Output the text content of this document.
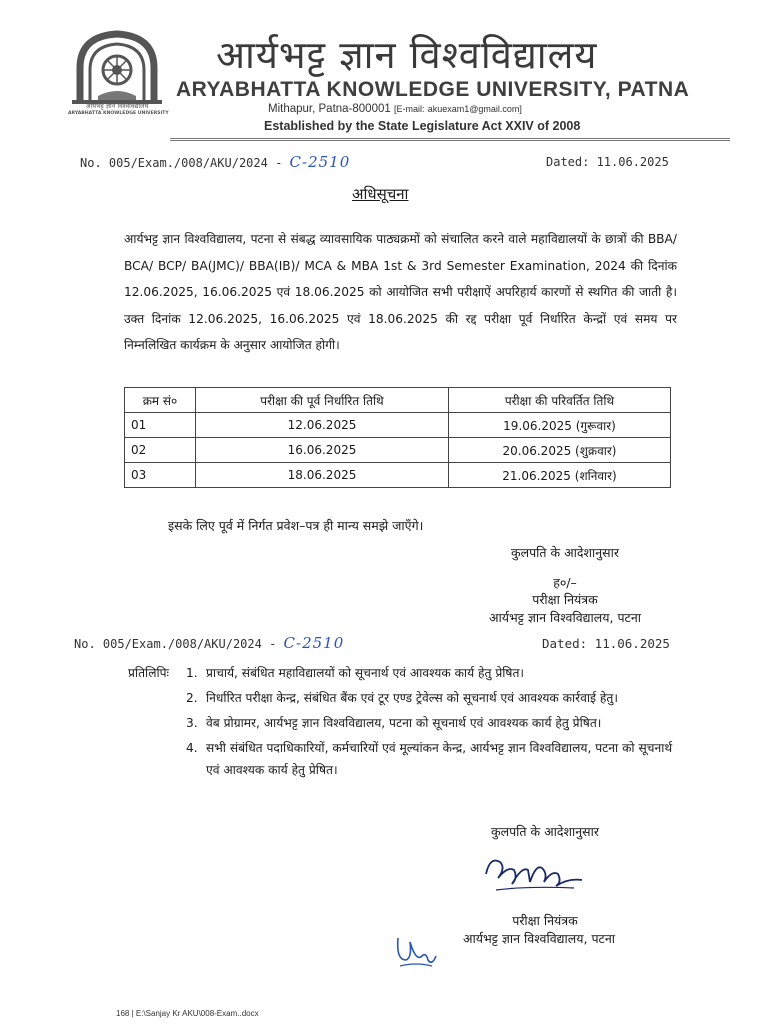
आर्यभट्ट ज्ञान विश्वविद्यालय
ARYABHATTA KNOWLEDGE UNIVERSITY
आर्यभट्ट ज्ञान विश्वविद्यालय
ARYABHATTA KNOWLEDGE UNIVERSITY, PATNA
Mithapur, Patna-800001 [E-mail: akuexam1@gmail.com]
Established by the State Legislature Act XXIV of 2008
No. 005/Exam./008/AKU/2024 - C-2510	Dated: 11.06.2025
अधिसूचना
आर्यभट्ट ज्ञान विश्वविद्यालय, पटना से संबद्ध व्यावसायिक पाठ्यक्रमों को संचालित करने वाले महाविद्यालयों के छात्रों की BBA/ BCA/ BCP/ BA(JMC)/ BBA(IB)/ MCA & MBA 1st & 3rd Semester Examination, 2024 की दिनांक 12.06.2025, 16.06.2025 एवं 18.06.2025 को आयोजित सभी परीक्षाऐं अपरिहार्य कारणों से स्थगित की जाती है। उक्त दिनांक 12.06.2025, 16.06.2025 एवं 18.06.2025 की रद्द परीक्षा पूर्व निर्धारित केन्द्रों एवं समय पर निम्नलिखित कार्यक्रम के अनुसार आयोजित होगी।
क्रम सं०	परीक्षा की पूर्व निर्धारित तिथि	परीक्षा की परिवर्तित तिथि
01	12.06.2025	19.06.2025 (गुरूवार)
02	16.06.2025	20.06.2025 (शुक्रवार)
03	18.06.2025	21.06.2025 (शनिवार)
इसके लिए पूर्व में निर्गत प्रवेश–पत्र ही मान्य समझे जाएँगे।
कुलपति के आदेशानुसार
ह०/–
परीक्षा नियंत्रक
आर्यभट्ट ज्ञान विश्वविद्यालय, पटना
No. 005/Exam./008/AKU/2024 - C-2510	Dated: 11.06.2025
प्रतिलिपिः	1. प्राचार्य, संबंधित महाविद्यालयों को सूचनार्थ एवं आवश्यक कार्य हेतु प्रेषित।
2. निर्धारित परीक्षा केन्द्र, संबंधित बैंक एवं टूर एण्ड ट्रेवेल्स को सूचनार्थ एवं आवश्यक कार्रवाई हेतु।
3. वेब प्रोग्रामर, आर्यभट्ट ज्ञान विश्वविद्यालय, पटना को सूचनार्थ एवं आवश्यक कार्य हेतु प्रेषित।
4. सभी संबंधित पदाधिकारियों, कर्मचारियों एवं मूल्यांकन केन्द्र, आर्यभट्ट ज्ञान विश्वविद्यालय, पटना को सूचनार्थ एवं आवश्यक कार्य हेतु प्रेषित।
कुलपति के आदेशानुसार
परीक्षा नियंत्रक
आर्यभट्ट ज्ञान विश्वविद्यालय, पटना
168 | E:\Sanjay Kr AKU\008-Exam..docx
